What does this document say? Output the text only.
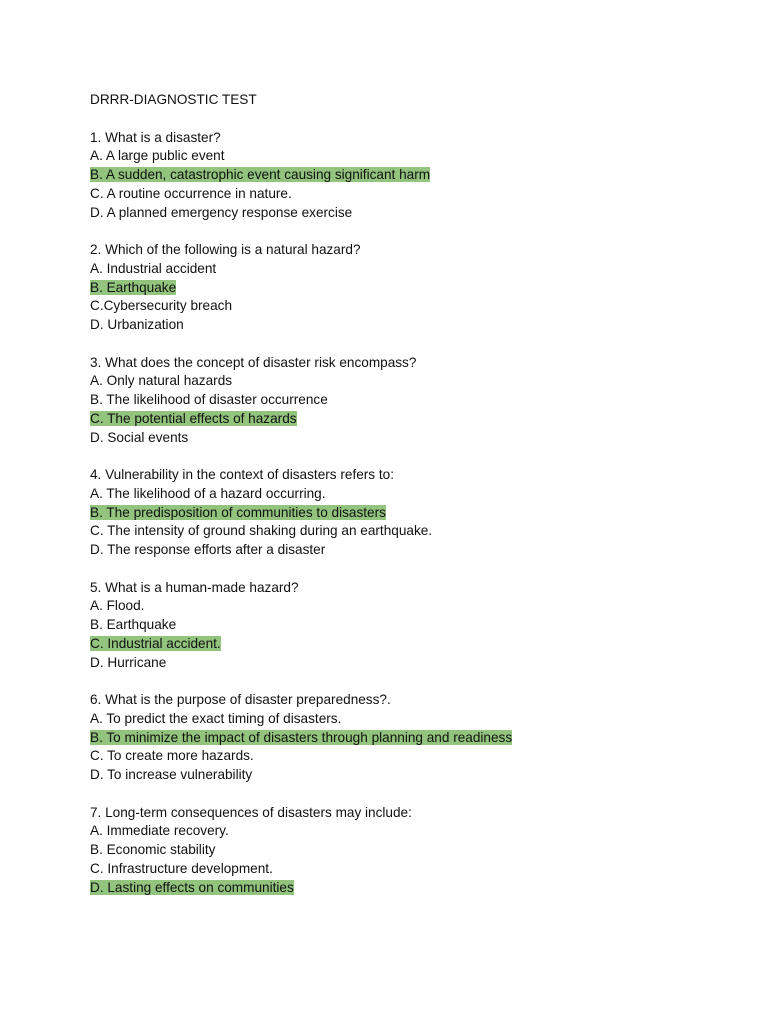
DRRR-DIAGNOSTIC TEST
1. What is a disaster?
A. A large public event
B. A sudden, catastrophic event causing significant harm
C. A routine occurrence in nature.
D. A planned emergency response exercise
2. Which of the following is a natural hazard?
A. Industrial accident
B. Earthquake
C.Cybersecurity breach
D. Urbanization
3. What does the concept of disaster risk encompass?
A. Only natural hazards
B. The likelihood of disaster occurrence
C. The potential effects of hazards
D. Social events
4. Vulnerability in the context of disasters refers to:
A. The likelihood of a hazard occurring.
B. The predisposition of communities to disasters
C. The intensity of ground shaking during an earthquake.
D. The response efforts after a disaster
5. What is a human-made hazard?
A. Flood.
B. Earthquake
C. Industrial accident.
D. Hurricane
6. What is the purpose of disaster preparedness?.
A. To predict the exact timing of disasters.
B. To minimize the impact of disasters through planning and readiness
C. To create more hazards.
D. To increase vulnerability
7. Long-term consequences of disasters may include:
A. Immediate recovery.
B. Economic stability
C. Infrastructure development.
D. Lasting effects on communities
